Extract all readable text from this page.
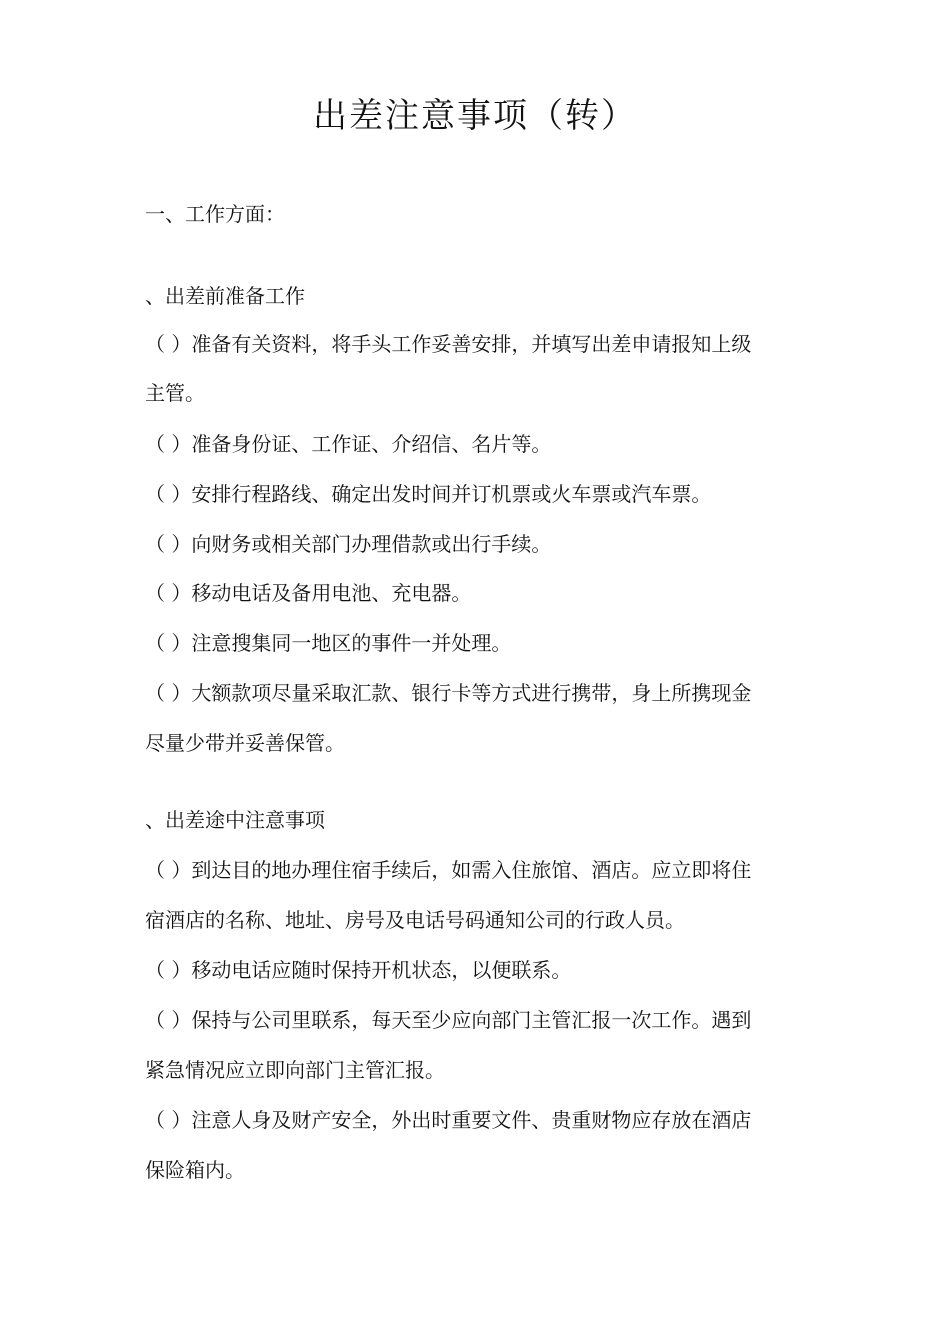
出差注意事项（转）
一、工作方面：
、出差前准备工作
（ ）准备有关资料，将手头工作妥善安排，并填写出差申请报知上级
主管。
（ ）准备身份证、工作证、介绍信、名片等。
（ ）安排行程路线、确定出发时间并订机票或火车票或汽车票。
（ ）向财务或相关部门办理借款或出行手续。
（ ）移动电话及备用电池、充电器。
（ ）注意搜集同一地区的事件一并处理。
（ ）大额款项尽量采取汇款、银行卡等方式进行携带，身上所携现金
尽量少带并妥善保管。
、出差途中注意事项
（ ）到达目的地办理住宿手续后，如需入住旅馆、酒店。应立即将住
宿酒店的名称、地址、房号及电话号码通知公司的行政人员。
（ ）移动电话应随时保持开机状态，以便联系。
（ ）保持与公司里联系，每天至少应向部门主管汇报一次工作。遇到
紧急情况应立即向部门主管汇报。
（ ）注意人身及财产安全，外出时重要文件、贵重财物应存放在酒店
保险箱内。
